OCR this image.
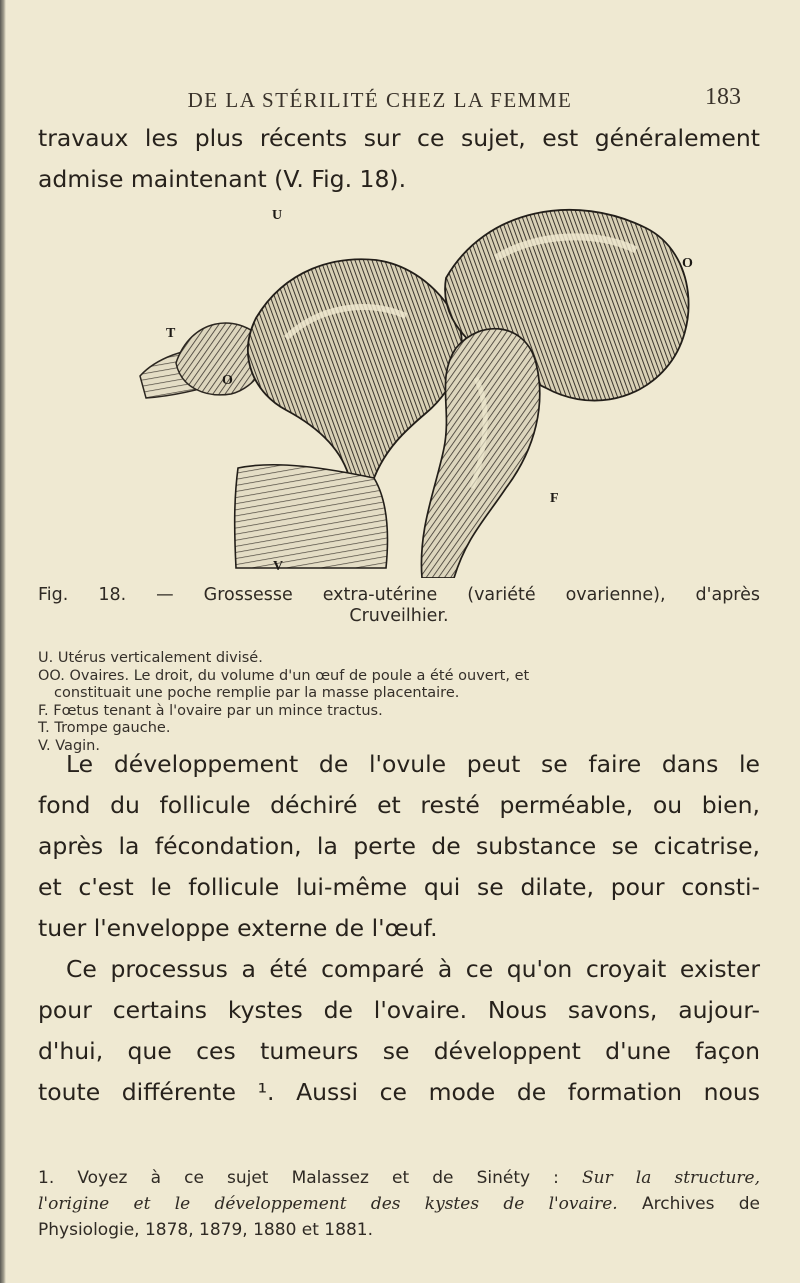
DE LA STÉRILITÉ CHEZ LA FEMME	183

travaux les plus récents sur ce sujet, est généralement

admise maintenant (V. Fig. 18).

U
T
O
O
F
V
Fig. 18. — Grossesse extra-utérine (variété ovarienne), d'après
Cruveilhier.
U. Utérus verticalement divisé.
OO. Ovaires. Le droit, du volume d'un œuf de poule a été ouvert, et
constituait une poche remplie par la masse placentaire.
F. Fœtus tenant à l'ovaire par un mince tractus.
T. Trompe gauche.
V. Vagin.

Le développement de l'ovule peut se faire dans le

fond du follicule déchiré et resté perméable, ou bien,

après la fécondation, la perte de substance se cicatrise,

et c'est le follicule lui-même qui se dilate, pour consti-

tuer l'enveloppe externe de l'œuf.

Ce processus a été comparé à ce qu'on croyait exister

pour certains kystes de l'ovaire. Nous savons, aujour-

d'hui, que ces tumeurs se développent d'une façon

toute différente ¹. Aussi ce mode de formation nous

1. Voyez à ce sujet Malassez et de Sinéty : Sur la structure,

l'origine et le développement des kystes de l'ovaire. Archives de

Physiologie, 1878, 1879, 1880 et 1881.
